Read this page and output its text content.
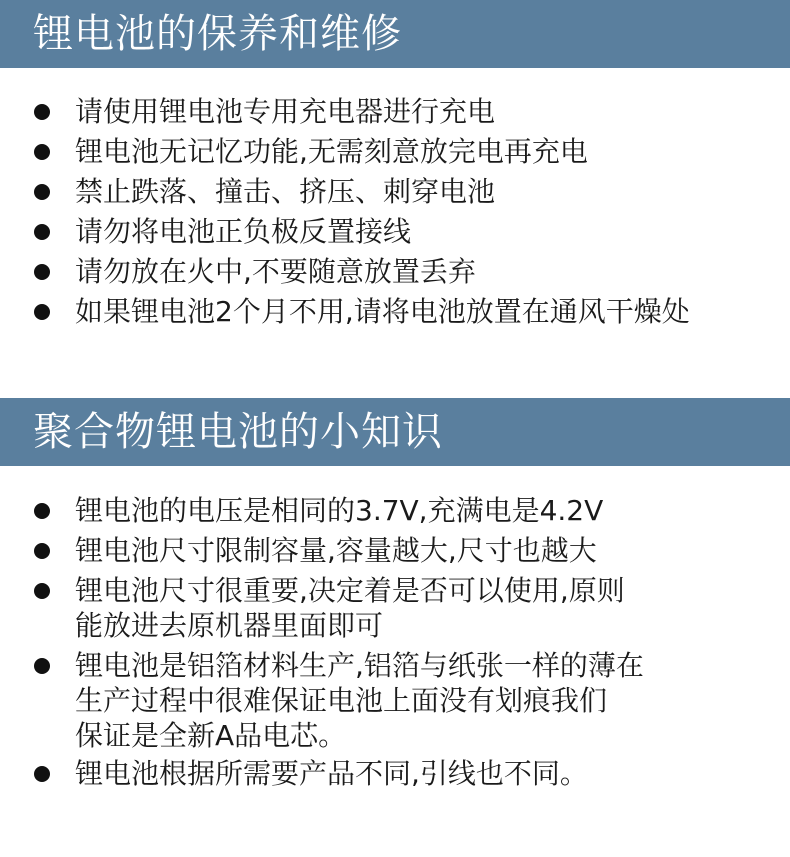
锂电池的保养和维修
请使用锂电池专用充电器进行充电
锂电池无记忆功能,无需刻意放完电再充电
禁止跌落、撞击、挤压、刺穿电池
请勿将电池正负极反置接线
请勿放在火中,不要随意放置丢弃
如果锂电池2个月不用,请将电池放置在通风干燥处
聚合物锂电池的小知识
锂电池的电压是相同的3.7V,充满电是4.2V
锂电池尺寸限制容量,容量越大,尺寸也越大
锂电池尺寸很重要,决定着是否可以使用,原则
能放进去原机器里面即可
锂电池是铝箔材料生产,铝箔与纸张一样的薄在
生产过程中很难保证电池上面没有划痕我们
保证是全新A品电芯。
锂电池根据所需要产品不同,引线也不同。
